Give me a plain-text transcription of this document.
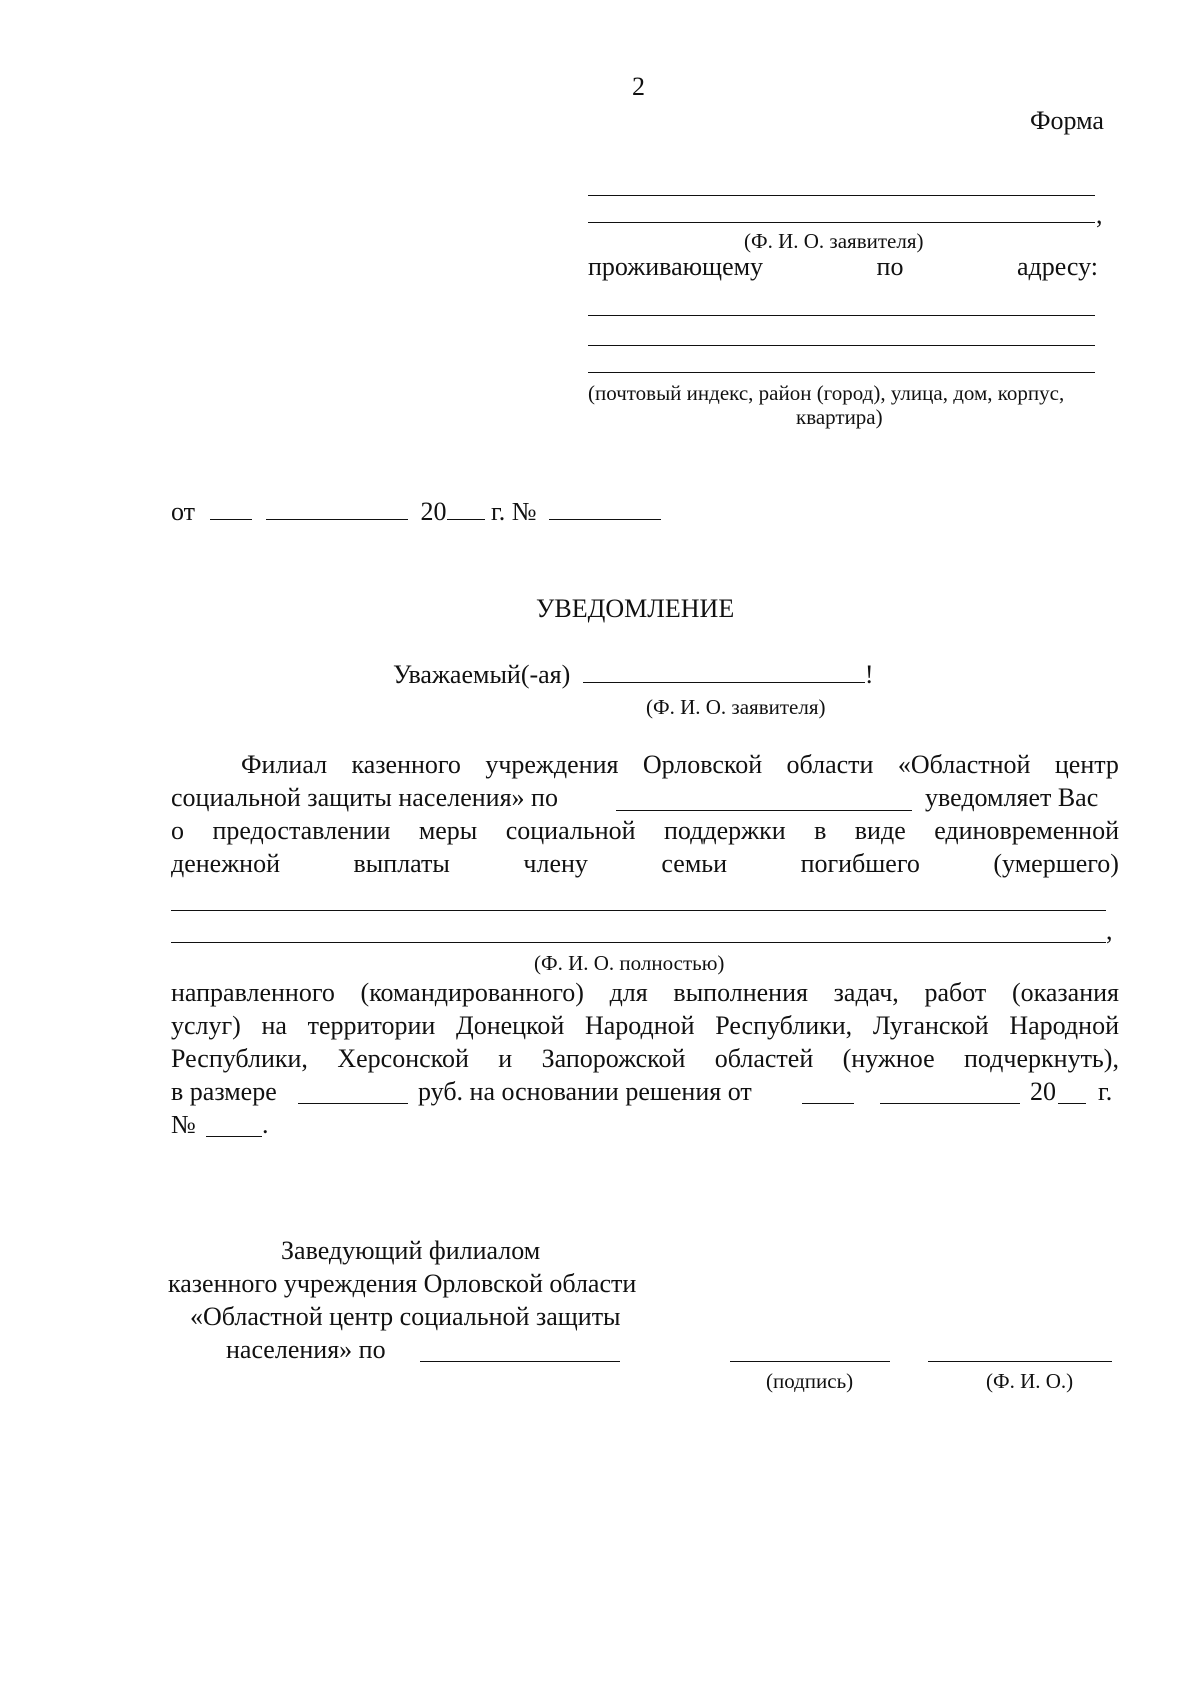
2
Форма
,
(Ф. И. О. заявителя)
проживающему	по	адресу:
(почтовый индекс, район (город), улица, дом, корпус,
квартира)
от	20 г. №
УВЕДОМЛЕНИЕ
Уважаемый(-ая)	!
(Ф. И. О. заявителя)
Филиал казенного учреждения Орловской области «Областной центр
социальной защиты населения» по	уведомляет Вас
о предоставлении меры социальной поддержки в виде единовременной
денежной	выплаты	члену	семьи	погибшего	(умершего)
,
(Ф. И. О. полностью)
направленного (командированного) для выполнения задач, работ (оказания
услуг) на территории Донецкой Народной Республики, Луганской Народной
Республики, Херсонской и Запорожской областей (нужное подчеркнуть),
в размере	руб. на основании решения от	20 г.
№	.
Заведующий филиалом
казенного учреждения Орловской области
«Областной центр социальной защиты
населения» по
(подпись)	(Ф. И. О.)
